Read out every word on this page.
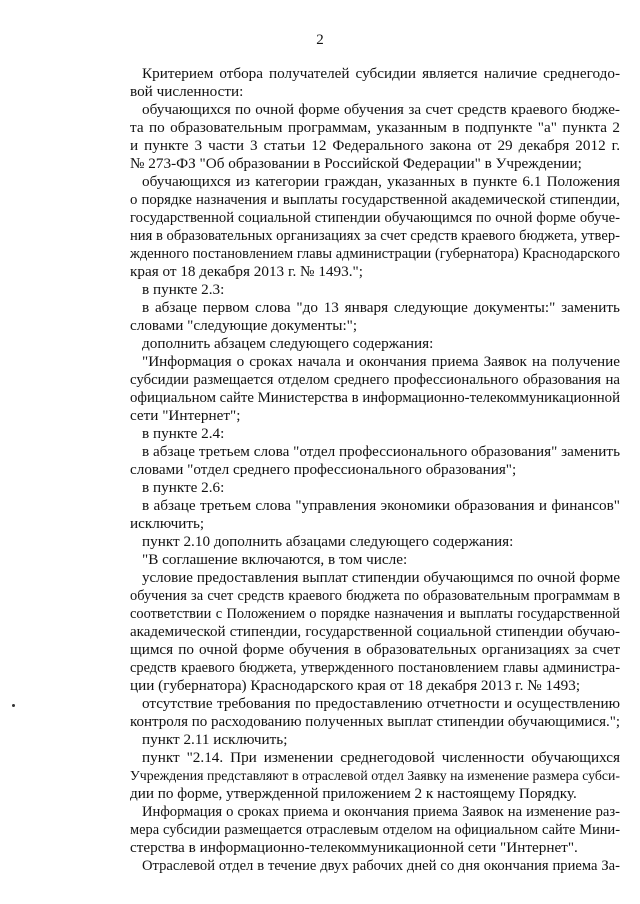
2
Критерием отбора получателей субсидии является наличие среднегодо-
вой численности:
обучающихся по очной форме обучения за счет средств краевого бюдже-
та по образовательным программам, указанным в подпункте "а" пункта 2
и пункте 3 части 3 статьи 12 Федерального закона от 29 декабря 2012 г.
№ 273-ФЗ "Об образовании в Российской Федерации" в Учреждении;
обучающихся из категории граждан, указанных в пункте 6.1 Положения
о порядке назначения и выплаты государственной академической стипендии,
государственной социальной стипендии обучающимся по очной форме обуче-
ния в образовательных организациях за счет средств краевого бюджета, утвер-
жденного постановлением главы администрации (губернатора) Краснодарского
края от 18 декабря 2013 г. № 1493.";
в пункте 2.3:
в абзаце первом слова "до 13 января следующие документы:" заменить
словами "следующие документы:";
дополнить абзацем следующего содержания:
"Информация о сроках начала и окончания приема Заявок на получение
субсидии размещается отделом среднего профессионального образования на
официальном сайте Министерства в информационно-телекоммуникационной
сети "Интернет";
в пункте 2.4:
в абзаце третьем слова "отдел профессионального образования" заменить
словами "отдел среднего профессионального образования";
в пункте 2.6:
в абзаце третьем слова "управления экономики образования и финансов"
исключить;
пункт 2.10 дополнить абзацами следующего содержания:
"В соглашение включаются, в том числе:
условие предоставления выплат стипендии обучающимся по очной форме
обучения за счет средств краевого бюджета по образовательным программам в
соответствии с Положением о порядке назначения и выплаты государственной
академической стипендии, государственной социальной стипендии обучаю-
щимся по очной форме обучения в образовательных организациях за счет
средств краевого бюджета, утвержденного постановлением главы администра-
ции (губернатора) Краснодарского края от 18 декабря 2013 г. № 1493;
отсутствие требования по предоставлению отчетности и осуществлению
контроля по расходованию полученных выплат стипендии обучающимися.";
пункт 2.11 исключить;
пункт "2.14. При изменении среднегодовой численности обучающихся
Учреждения представляют в отраслевой отдел Заявку на изменение размера субси-
дии по форме, утвержденной приложением 2 к настоящему Порядку.
Информация о сроках приема и окончания приема Заявок на изменение раз-
мера субсидии размещается отраслевым отделом на официальном сайте Мини-
стерства в информационно-телекоммуникационной сети "Интернет".
Отраслевой отдел в течение двух рабочих дней со дня окончания приема За-
